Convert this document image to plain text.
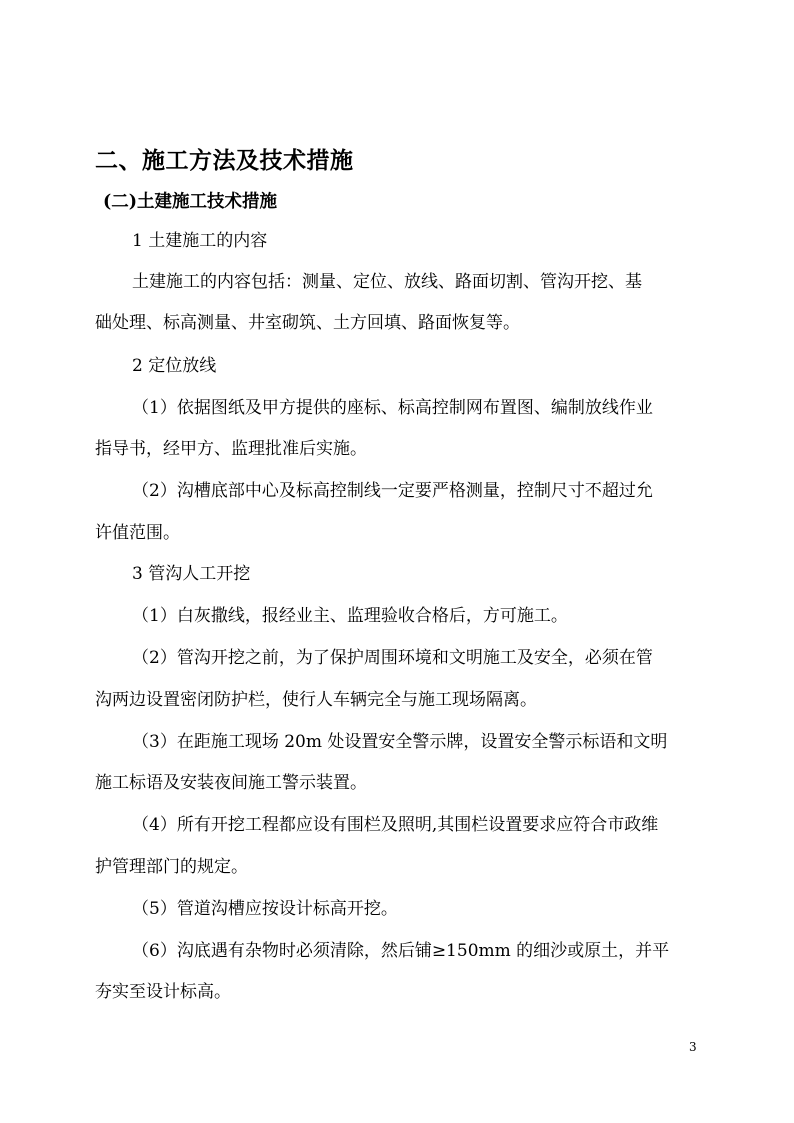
二、施工方法及技术措施
(二)土建施工技术措施
1 土建施工的内容
土建施工的内容包括：测量、定位、放线、路面切割、管沟开挖、基
础处理、标高测量、井室砌筑、土方回填、路面恢复等。
2 定位放线
（1）依据图纸及甲方提供的座标、标高控制网布置图、编制放线作业
指导书，经甲方、监理批准后实施。
（2）沟槽底部中心及标高控制线一定要严格测量，控制尺寸不超过允
许值范围。
3 管沟人工开挖
（1）白灰撒线，报经业主、监理验收合格后，方可施工。
（2）管沟开挖之前，为了保护周围环境和文明施工及安全，必须在管
沟两边设置密闭防护栏，使行人车辆完全与施工现场隔离。
（3）在距施工现场 20m 处设置安全警示牌，设置安全警示标语和文明
施工标语及安装夜间施工警示装置。
（4）所有开挖工程都应设有围栏及照明,其围栏设置要求应符合市政维
护管理部门的规定。
（5）管道沟槽应按设计标高开挖。
（6）沟底遇有杂物时必须清除，然后铺≥150mm 的细沙或原土，并平
夯实至设计标高。
3
